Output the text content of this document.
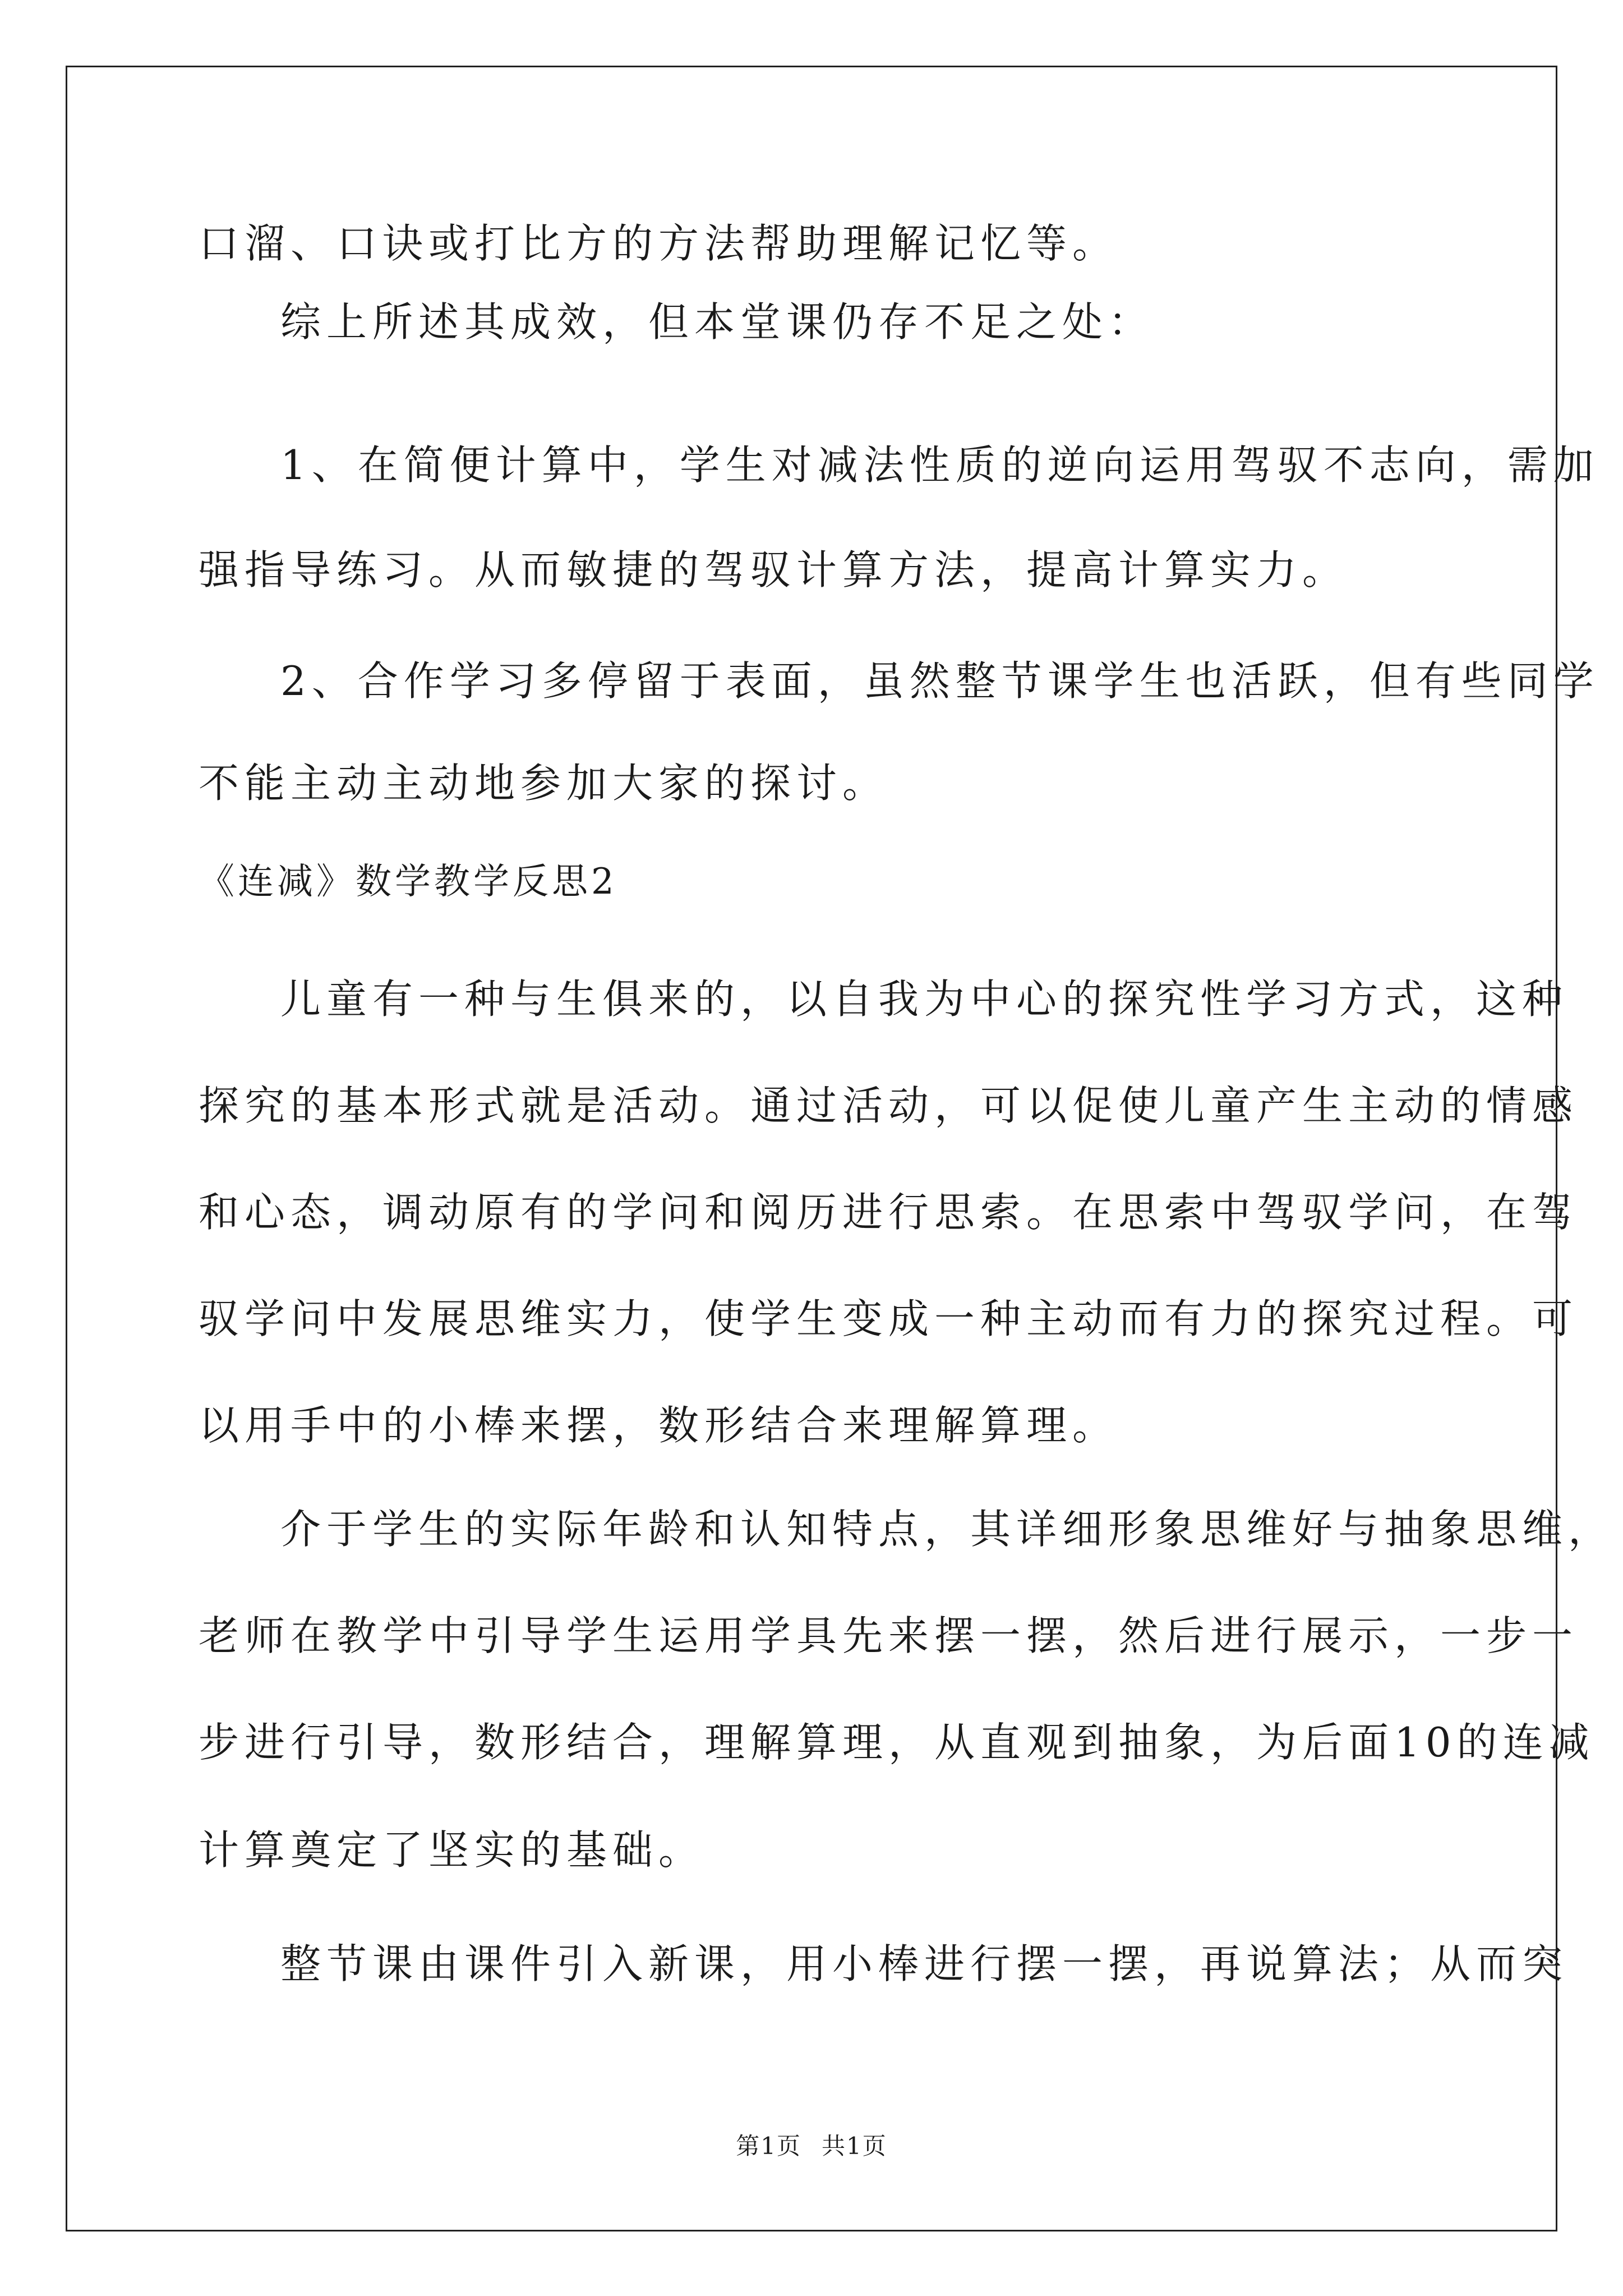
口溜、口诀或打比方的方法帮助理解记忆等。
综上所述其成效，但本堂课仍存不足之处：
1、在简便计算中，学生对减法性质的逆向运用驾驭不志向，需加
强指导练习。从而敏捷的驾驭计算方法，提高计算实力。
2、合作学习多停留于表面，虽然整节课学生也活跃，但有些同学
不能主动主动地参加大家的探讨。
《连减》数学教学反思2
儿童有一种与生俱来的，以自我为中心的探究性学习方式，这种
探究的基本形式就是活动。通过活动，可以促使儿童产生主动的情感
和心态，调动原有的学问和阅历进行思索。在思索中驾驭学问，在驾
驭学问中发展思维实力，使学生变成一种主动而有力的探究过程。可
以用手中的小棒来摆，数形结合来理解算理。
介于学生的实际年龄和认知特点，其详细形象思维好与抽象思维，
老师在教学中引导学生运用学具先来摆一摆，然后进行展示，一步一
步进行引导，数形结合，理解算理，从直观到抽象，为后面10的连减
计算奠定了坚实的基础。
整节课由课件引入新课，用小棒进行摆一摆，再说算法；从而突
第1页 共1页
